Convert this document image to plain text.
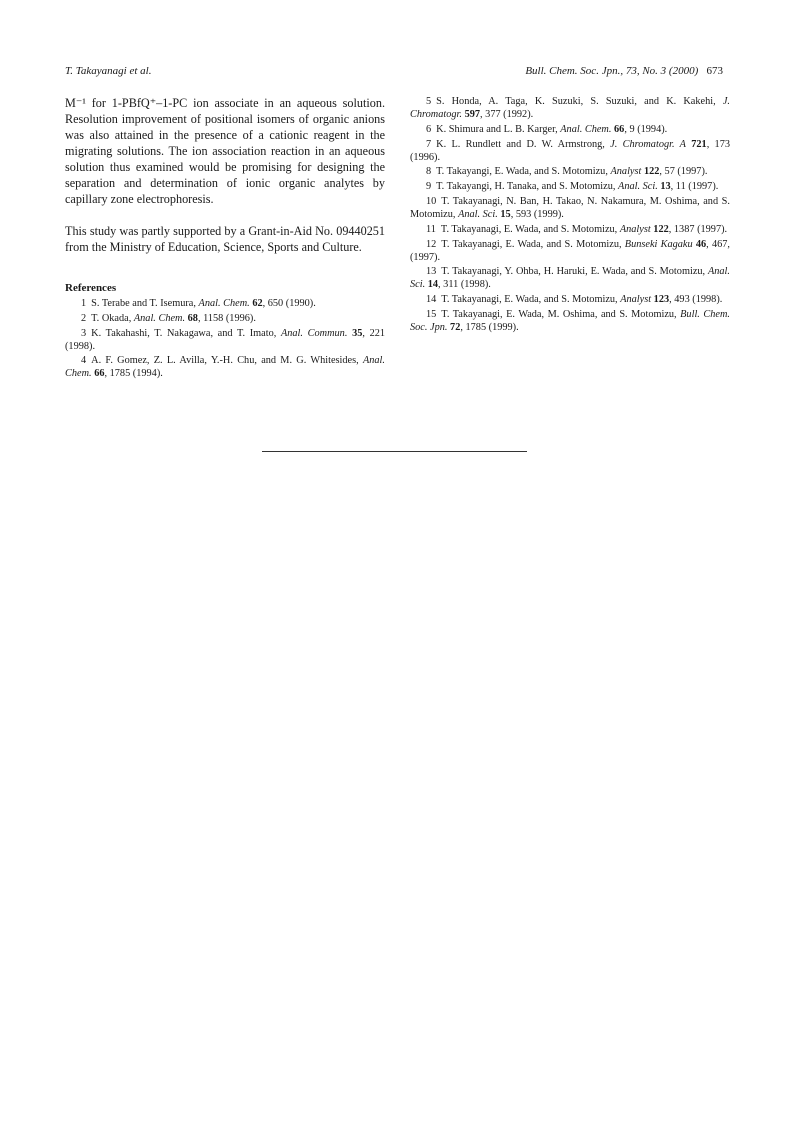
T. Takayanagi et al.	Bull. Chem. Soc. Jpn., 73, No. 3 (2000) 673

M⁻¹ for 1-PBfQ⁺–1-PC ion associate in an aqueous solution. Resolution improvement of positional isomers of organic anions was also attained in the presence of a cationic reagent in the migrating solutions. The ion association reaction in an aqueous solution thus examined would be promising for designing the separation and determination of ionic organic analytes by capillary zone electrophoresis.

This study was partly supported by a Grant-in-Aid No. 09440251 from the Ministry of Education, Science, Sports and Culture.

References
1 S. Terabe and T. Isemura, Anal. Chem. 62, 650 (1990).
2 T. Okada, Anal. Chem. 68, 1158 (1996).
3 K. Takahashi, T. Nakagawa, and T. Imato, Anal. Commun. 35, 221 (1998).
4 A. F. Gomez, Z. L. Avilla, Y.-H. Chu, and M. G. Whitesides, Anal. Chem. 66, 1785 (1994).
5 S. Honda, A. Taga, K. Suzuki, S. Suzuki, and K. Kakehi, J. Chromatogr. 597, 377 (1992).
6 K. Shimura and L. B. Karger, Anal. Chem. 66, 9 (1994).
7 K. L. Rundlett and D. W. Armstrong, J. Chromatogr. A 721, 173 (1996).
8 T. Takayangi, E. Wada, and S. Motomizu, Analyst 122, 57 (1997).
9 T. Takayangi, H. Tanaka, and S. Motomizu, Anal. Sci. 13, 11 (1997).
10 T. Takayanagi, N. Ban, H. Takao, N. Nakamura, M. Oshima, and S. Motomizu, Anal. Sci. 15, 593 (1999).
11 T. Takayanagi, E. Wada, and S. Motomizu, Analyst 122, 1387 (1997).
12 T. Takayanagi, E. Wada, and S. Motomizu, Bunseki Kagaku 46, 467, (1997).
13 T. Takayanagi, Y. Ohba, H. Haruki, E. Wada, and S. Motomizu, Anal. Sci. 14, 311 (1998).
14 T. Takayanagi, E. Wada, and S. Motomizu, Analyst 123, 493 (1998).
15 T. Takayanagi, E. Wada, M. Oshima, and S. Motomizu, Bull. Chem. Soc. Jpn. 72, 1785 (1999).
